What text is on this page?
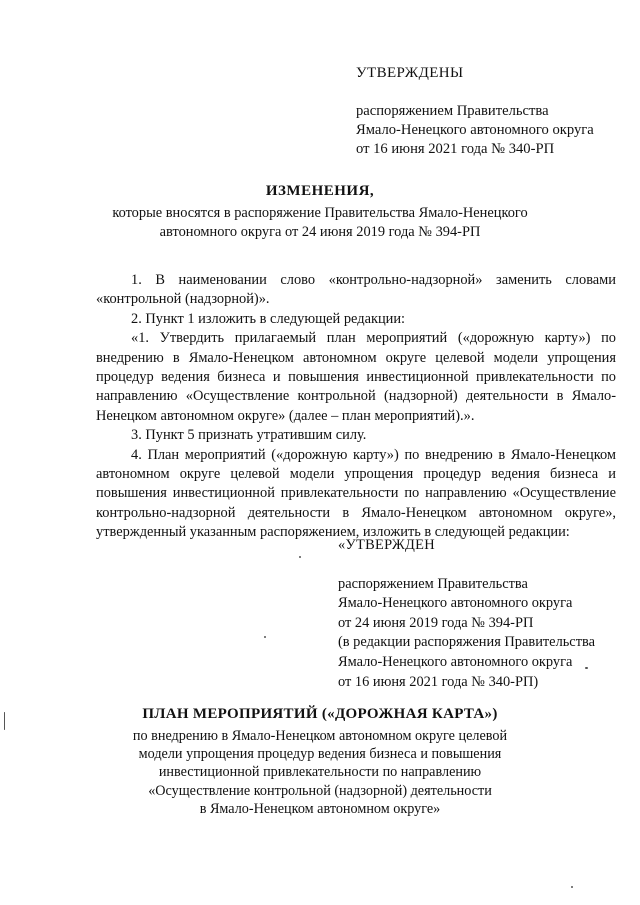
УТВЕРЖДЕНЫ
распоряжением Правительства
Ямало-Ненецкого автономного округа
от 16 июня 2021 года № 340-РП
ИЗМЕНЕНИЯ,
которые вносятся в распоряжение Правительства Ямало-Ненецкого
автономного округа от 24 июня 2019 года № 394-РП

1. В наименовании слово «контрольно-надзорной» заменить словами «контрольной (надзорной)».

2. Пункт 1 изложить в следующей редакции:

«1. Утвердить прилагаемый план мероприятий («дорожную карту») по внедрению в Ямало-Ненецком автономном округе целевой модели упрощения процедур ведения бизнеса и повышения инвестиционной привлекательности по направлению «Осуществление контрольной (надзорной) деятельности в Ямало-Ненецком автономном округе» (далее – план мероприятий).».

3. Пункт 5 признать утратившим силу.

4. План мероприятий («дорожную карту») по внедрению в Ямало-Ненецком автономном округе целевой модели упрощения процедур ведения бизнеса и повышения инвестиционной привлекательности по направлению «Осуществление контрольно-надзорной деятельности в Ямало-Ненецком автономном округе», утвержденный указанным распоряжением, изложить в следующей редакции:

«УТВЕРЖДЕН
распоряжением Правительства
Ямало-Ненецкого автономного округа
от 24 июня 2019 года № 394-РП
(в редакции распоряжения Правительства
Ямало-Ненецкого автономного округа
от 16 июня 2021 года № 340-РП)
ПЛАН МЕРОПРИЯТИЙ («ДОРОЖНАЯ КАРТА»)
по внедрению в Ямало-Ненецком автономном округе целевой
модели упрощения процедур ведения бизнеса и повышения
инвестиционной привлекательности по направлению
«Осуществление контрольной (надзорной) деятельности
в Ямало-Ненецком автономном округе»
